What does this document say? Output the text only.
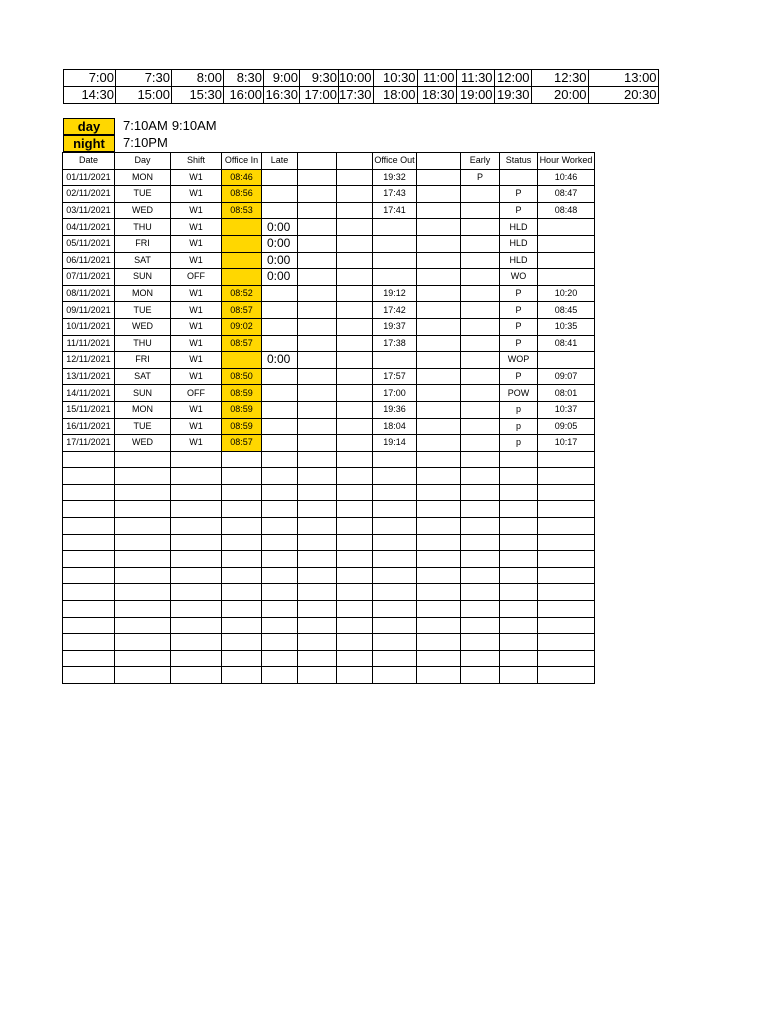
7:00	7:30	8:00	8:30	9:00	9:30	10:00	10:30	11:00	11:30	12:00	12:30	13:00
14:30	15:00	15:30	16:00	16:30	17:00	17:30	18:00	18:30	19:00	19:30	20:00	20:30
day	7:10AM 9:10AM
night	7:10PM
Date	Day	Shift	Office In	Late			Office Out		Early	Status	Hour Worked
01/11/2021	MON	W1	08:46				19:32		P		10:46
02/11/2021	TUE	W1	08:56				17:43			P	08:47
03/11/2021	WED	W1	08:53				17:41			P	08:48
04/11/2021	THU	W1		0:00						HLD	
05/11/2021	FRI	W1		0:00						HLD	
06/11/2021	SAT	W1		0:00						HLD	
07/11/2021	SUN	OFF		0:00						WO	
08/11/2021	MON	W1	08:52				19:12			P	10:20
09/11/2021	TUE	W1	08:57				17:42			P	08:45
10/11/2021	WED	W1	09:02				19:37			P	10:35
11/11/2021	THU	W1	08:57				17:38			P	08:41
12/11/2021	FRI	W1		0:00						WOP	
13/11/2021	SAT	W1	08:50				17:57			P	09:07
14/11/2021	SUN	OFF	08:59				17:00			POW	08:01
15/11/2021	MON	W1	08:59				19:36			p	10:37
16/11/2021	TUE	W1	08:59				18:04			p	09:05
17/11/2021	WED	W1	08:57				19:14			p	10:17
